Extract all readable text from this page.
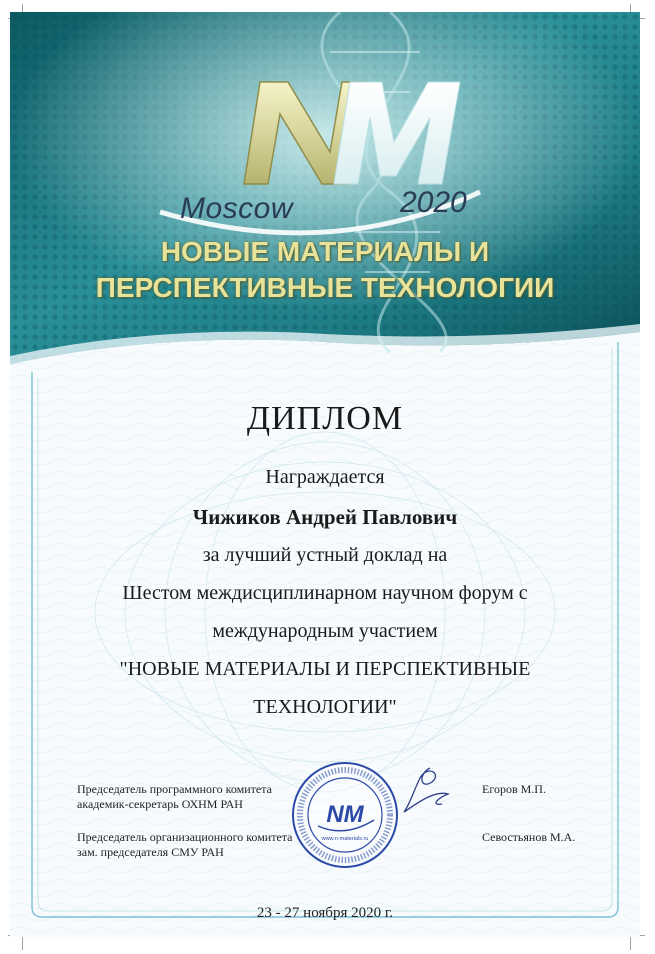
Moscow	2020
НОВЫЕ МАТЕРИАЛЫ И
ПЕРСПЕКТИВНЫЕ ТЕХНОЛОГИИ
ДИПЛОМ
Награждается
Чижиков Андрей Павлович
за лучший устный доклад на
Шестом междисциплинарном научном форум с
международным участием
"НОВЫЕ МАТЕРИАЛЫ И ПЕРСПЕКТИВНЫЕ
ТЕХНОЛОГИИ"
Председатель программного комитета
академик-секретарь ОХНМ РАН
Егоров М.П.
Председатель организационного комитета
зам. председателя СМУ РАН
Севостьянов М.А.
NM
www.n-materials.ru
23 - 27 ноября 2020 г.
